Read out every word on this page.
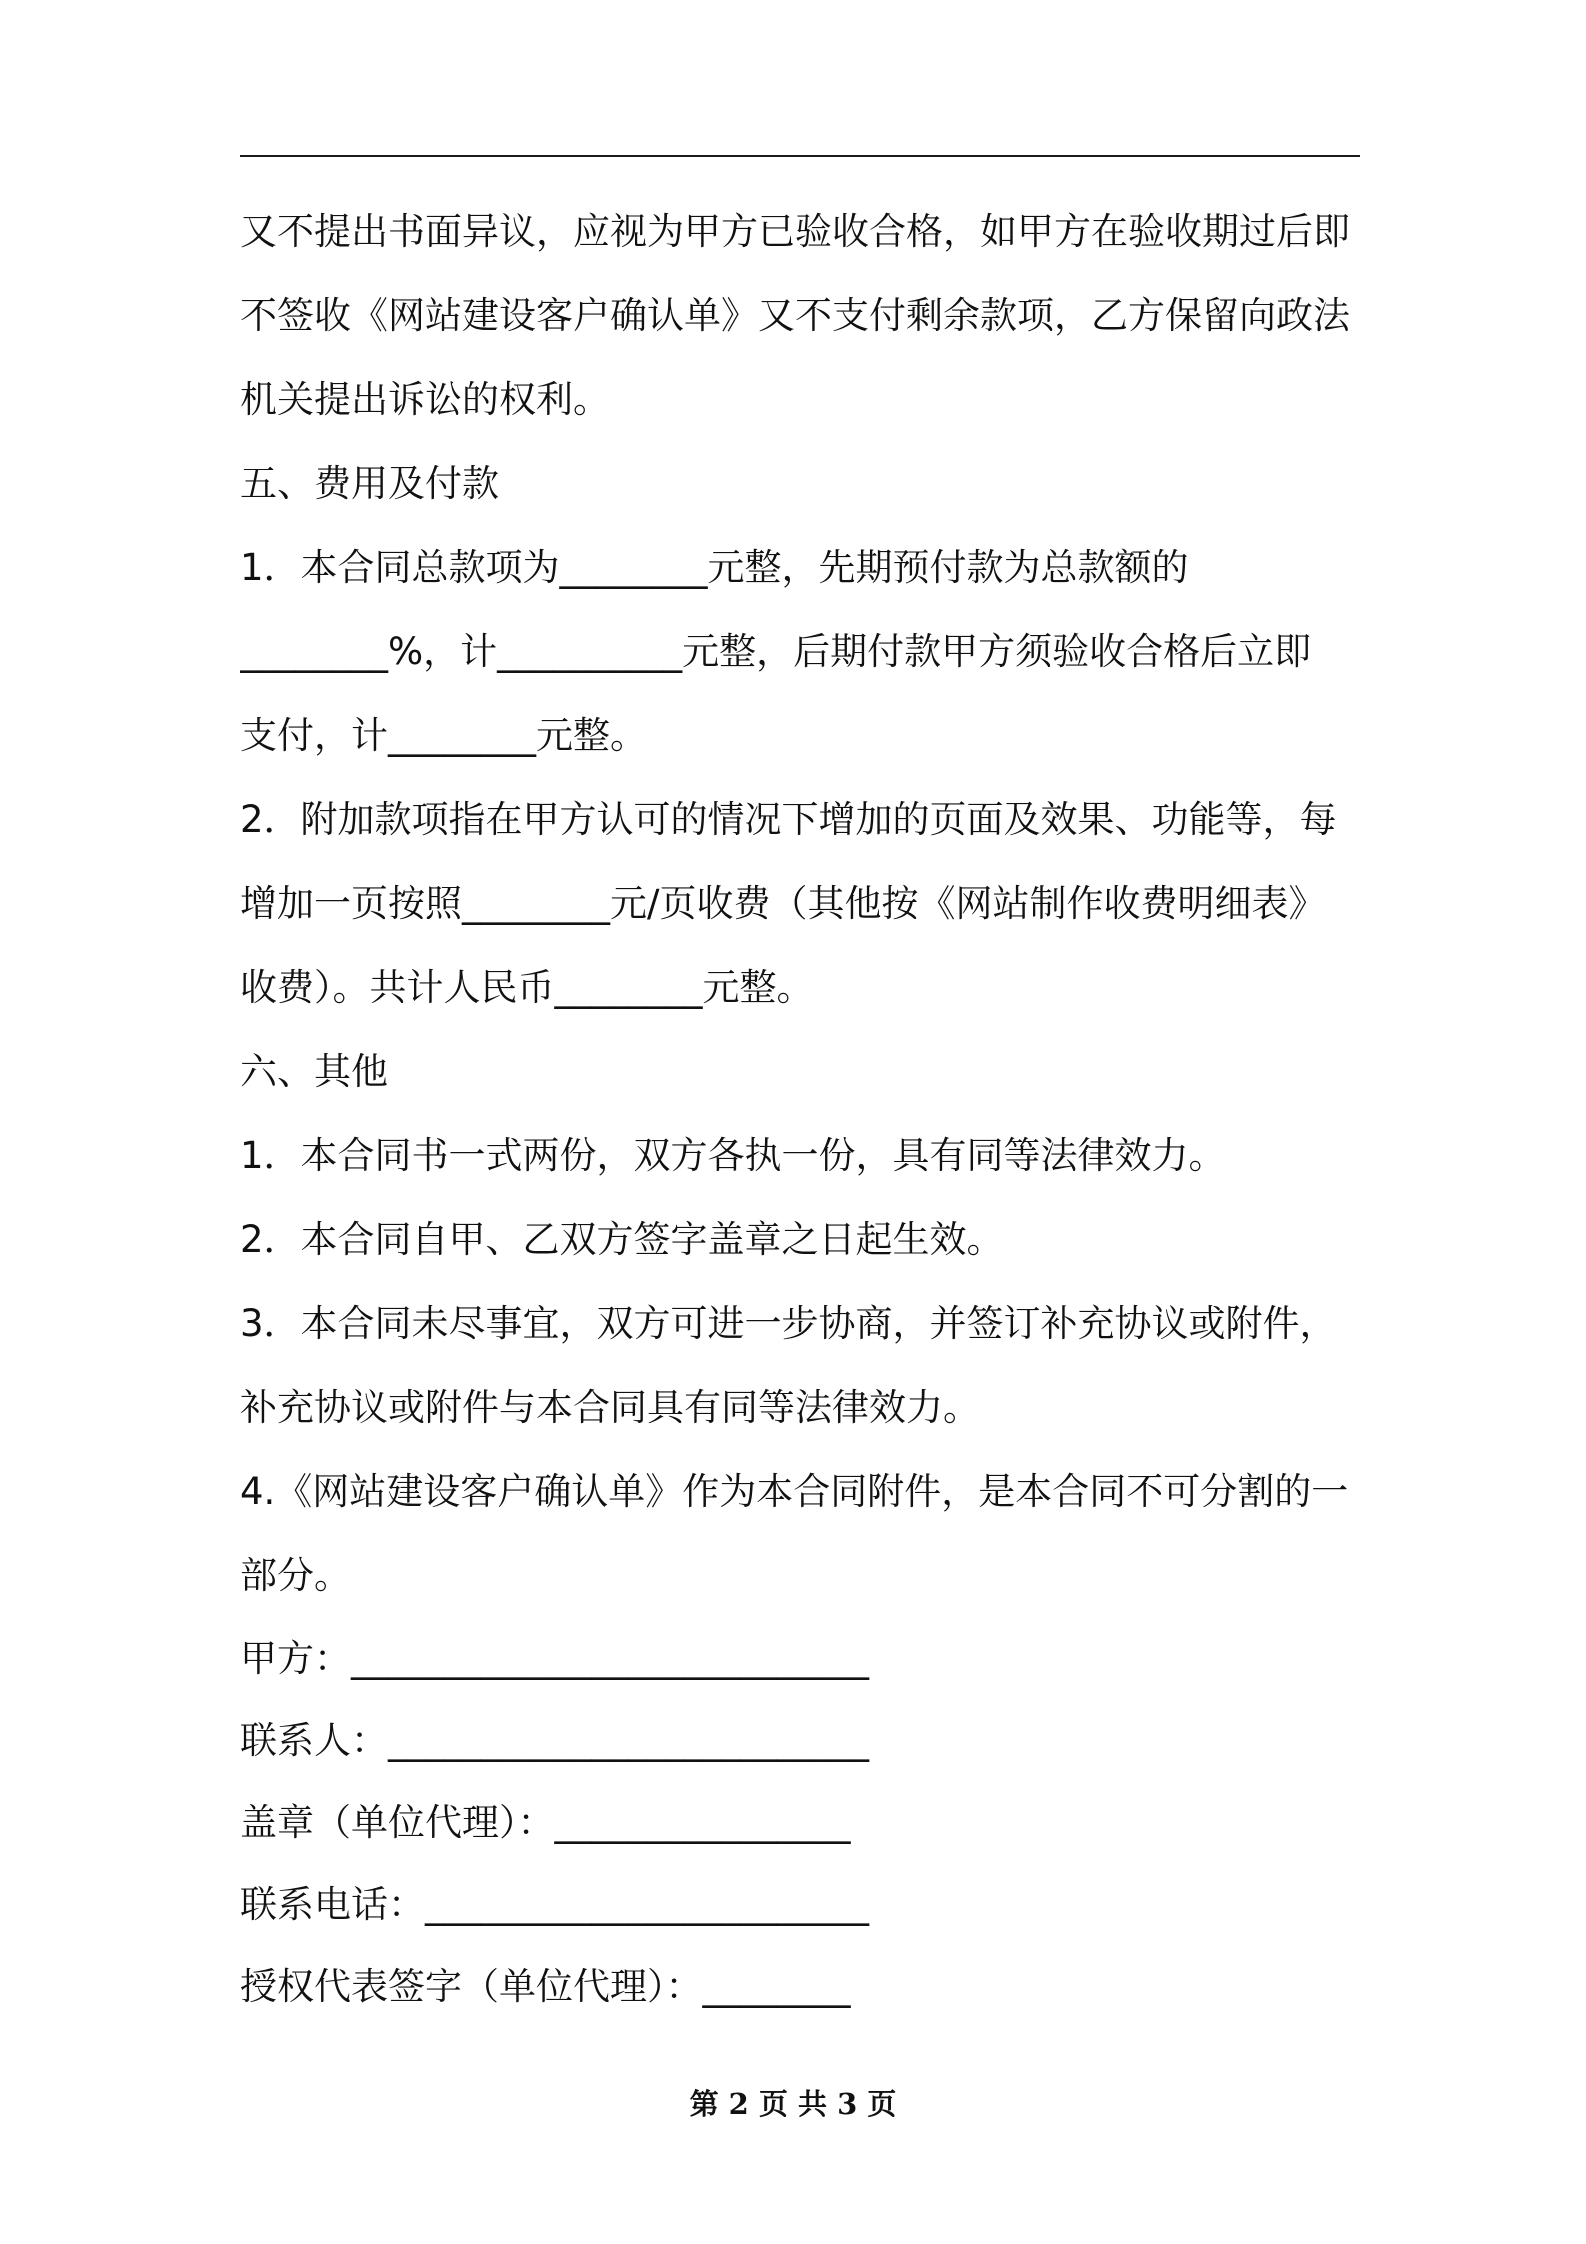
又不提出书面异议，应视为甲方已验收合格，如甲方在验收期过后即
不签收《网站建设客户确认单》又不支付剩余款项，乙方保留向政法
机关提出诉讼的权利。
五、费用及付款
1．本合同总款项为________元整，先期预付款为总款额的
________%，计__________元整，后期付款甲方须验收合格后立即
支付，计________元整。
2．附加款项指在甲方认可的情况下增加的页面及效果、功能等，每
增加一页按照________元/页收费（其他按《网站制作收费明细表》
收费）。共计人民币________元整。
六、其他
1．本合同书一式两份，双方各执一份，具有同等法律效力。
2．本合同自甲、乙双方签字盖章之日起生效。
3．本合同未尽事宜，双方可进一步协商，并签订补充协议或附件，
补充协议或附件与本合同具有同等法律效力。
4.《网站建设客户确认单》作为本合同附件，是本合同不可分割的一
部分。
甲方：____________________________
联系人：__________________________
盖章（单位代理）：________________
联系电话：________________________
授权代表签字（单位代理）：________
第 2 页 共 3 页
